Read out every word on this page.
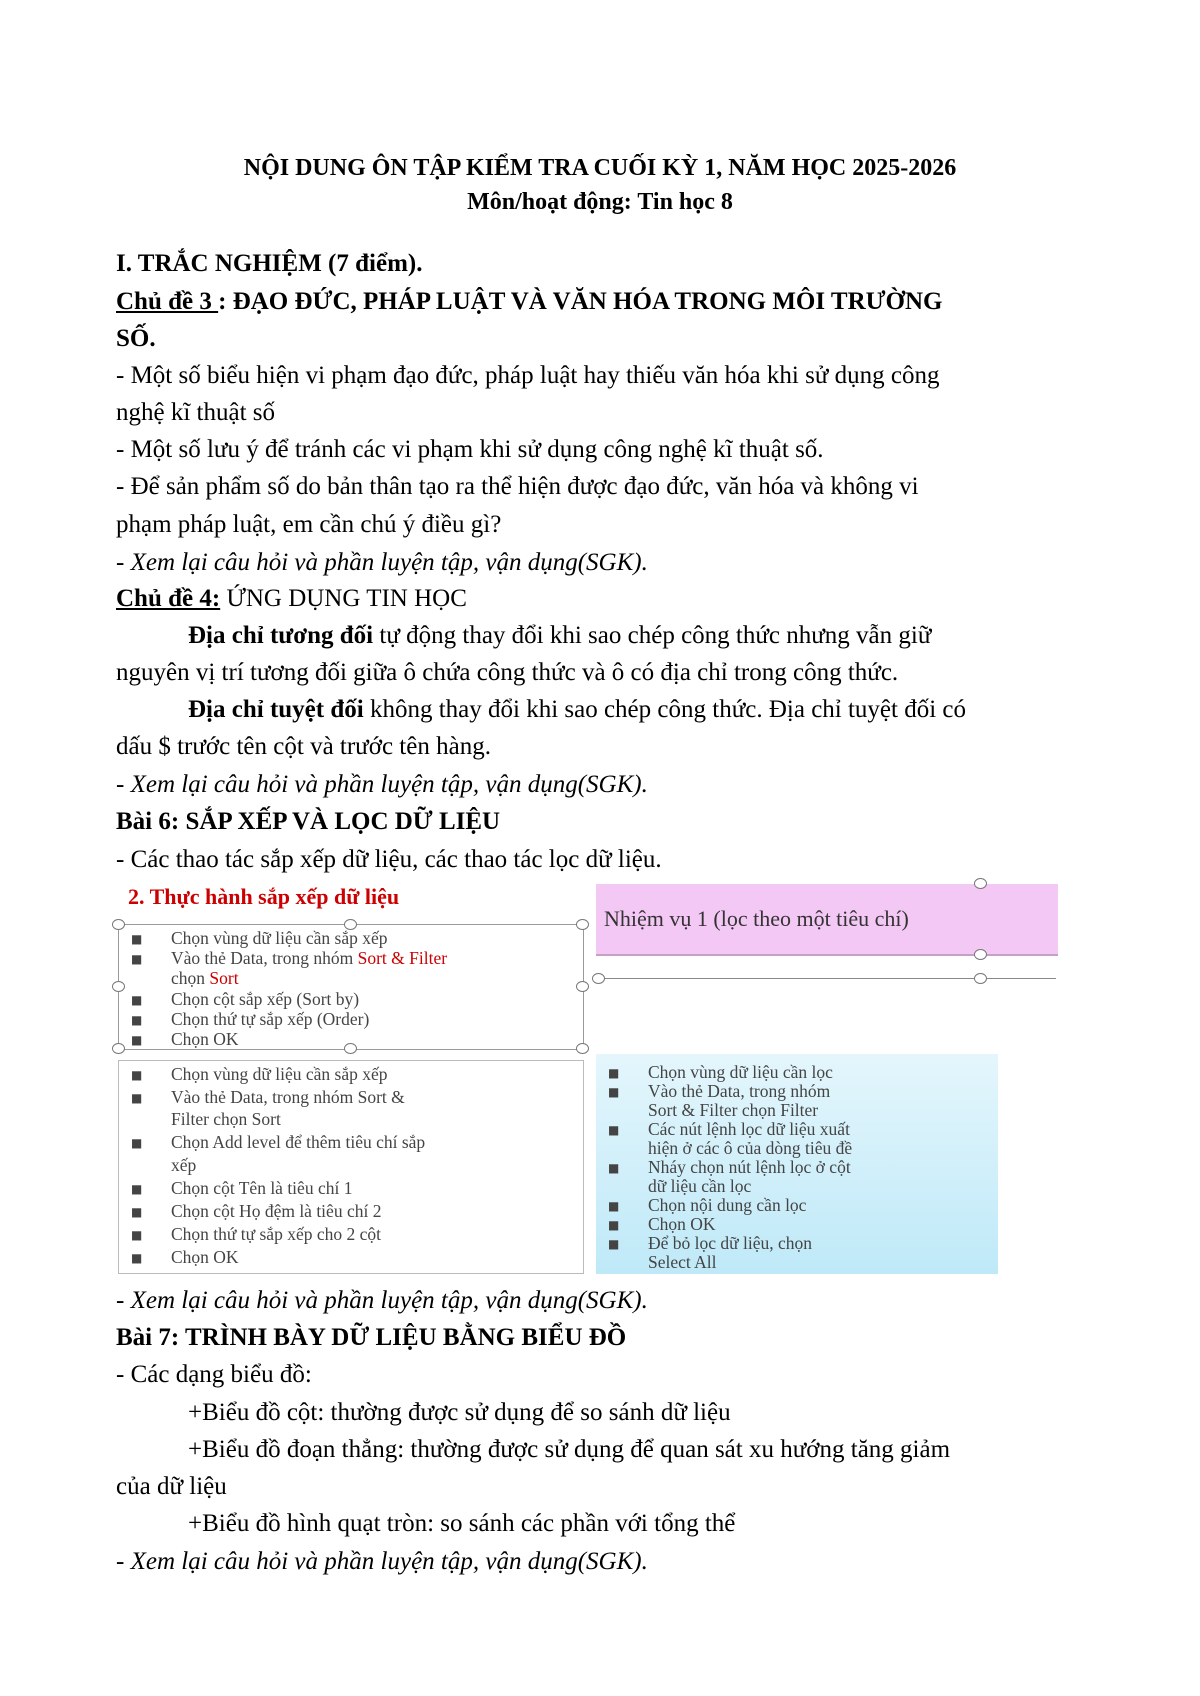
NỘI DUNG ÔN TẬP KIỂM TRA CUỐI KỲ 1, NĂM HỌC 2025-2026
Môn/hoạt động: Tin học 8
I. TRẮC NGHIỆM (7 điểm).
Chủ đề 3 : ĐẠO ĐỨC, PHÁP LUẬT VÀ VĂN HÓA TRONG MÔI TRƯỜNG
SỐ.
- Một số biểu hiện vi phạm đạo đức, pháp luật hay thiếu văn hóa khi sử dụng công
nghệ kĩ thuật số
- Một số lưu ý để tránh các vi phạm khi sử dụng công nghệ kĩ thuật số.
- Để sản phẩm số do bản thân tạo ra thể hiện được đạo đức, văn hóa và không vi
phạm pháp luật, em cần chú ý điều gì?
- Xem lại câu hỏi và phần luyện tập, vận dụng(SGK).
Chủ đề 4: ỨNG DỤNG TIN HỌC
Địa chỉ tương đối tự động thay đổi khi sao chép công thức nhưng vẫn giữ
nguyên vị trí tương đối giữa ô chứa công thức và ô có địa chỉ trong công thức.
Địa chỉ tuyệt đối không thay đổi khi sao chép công thức. Địa chỉ tuyệt đối có
dấu $ trước tên cột và trước tên hàng.
- Xem lại câu hỏi và phần luyện tập, vận dụng(SGK).
Bài 6: SẮP XẾP VÀ LỌC DỮ LIỆU
- Các thao tác sắp xếp dữ liệu, các thao tác lọc dữ liệu.
2. Thực hành sắp xếp dữ liệu
■ Chọn vùng dữ liệu cần sắp xếp
■ Vào thẻ Data, trong nhóm Sort & Filter
chọn Sort
■ Chọn cột sắp xếp (Sort by)
■ Chọn thứ tự sắp xếp (Order)
■ Chọn OK
Nhiệm vụ 1 (lọc theo một tiêu chí)
■ Chọn vùng dữ liệu cần sắp xếp
■ Vào thẻ Data, trong nhóm Sort &
Filter chọn Sort
■ Chọn Add level để thêm tiêu chí sắp
xếp
■ Chọn cột Tên là tiêu chí 1
■ Chọn cột Họ đệm là tiêu chí 2
■ Chọn thứ tự sắp xếp cho 2 cột
■ Chọn OK
■ Chọn vùng dữ liệu cần lọc
■ Vào thẻ Data, trong nhóm
Sort & Filter chọn Filter
■ Các nút lệnh lọc dữ liệu xuất
hiện ở các ô của dòng tiêu đề
■ Nháy chọn nút lệnh lọc ở cột
dữ liệu cần lọc
■ Chọn nội dung cần lọc
■ Chọn OK
■ Để bỏ lọc dữ liệu, chọn
Select All
- Xem lại câu hỏi và phần luyện tập, vận dụng(SGK).
Bài 7: TRÌNH BÀY DỮ LIỆU BẰNG BIỂU ĐỒ
- Các dạng biểu đồ:
+Biểu đồ cột: thường được sử dụng để so sánh dữ liệu
+Biểu đồ đoạn thẳng: thường được sử dụng để quan sát xu hướng tăng giảm
của dữ liệu
+Biểu đồ hình quạt tròn: so sánh các phần với tổng thể
- Xem lại câu hỏi và phần luyện tập, vận dụng(SGK).
